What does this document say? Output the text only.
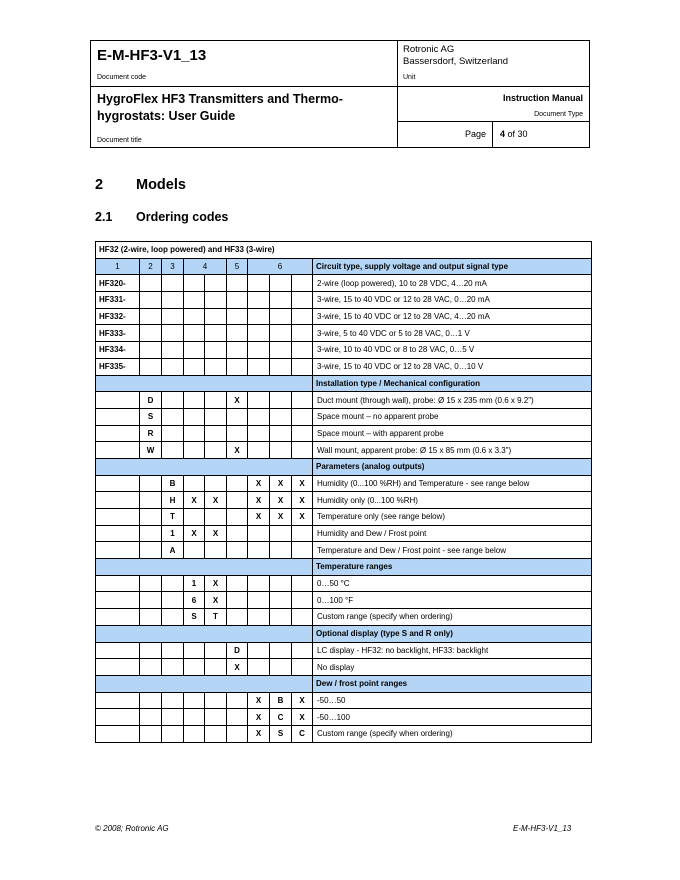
E-M-HF3-V1_13
Document code
Rotronic AG
Bassersdorf, Switzerland
Unit
HygroFlex HF3 Transmitters and Thermo-hygrostats: User Guide
Document title
Instruction Manual
Document Type
Page 4 of 30
2 Models
2.1 Ordering codes
HF32 (2-wire, loop powered) and HF33 (3-wire)									
1	2	3	4		5	6			Circuit type, supply voltage and output signal type
HF320-									2-wire (loop powered), 10 to 28 VDC, 4…20 mA
HF331-									3-wire, 15 to 40 VDC or 12 to 28 VAC, 0…20 mA
HF332-									3-wire, 15 to 40 VDC or 12 to 28 VAC, 4…20 mA
HF333-									3-wire, 5 to 40 VDC or 5 to 28 VAC, 0…1 V
HF334-									3-wire, 10 to 40 VDC or 8 to 28 VAC, 0…5 V
HF335-									3-wire, 15 to 40 VDC or 12 to 28 VAC, 0…10 V
									Installation type / Mechanical configuration
	D				X				Duct mount (through wall), probe: Ø 15 x 235 mm (0.6 x 9.2")
	S								Space mount – no apparent probe
	R								Space mount – with apparent probe
	W				X				Wall mount, apparent probe: Ø 15 x 85 mm (0.6 x 3.3")
									Parameters (analog outputs)
		B				X	X	X	Humidity (0...100 %RH) and Temperature - see range below
		H	X	X		X	X	X	Humidity only (0...100 %RH)
		T				X	X	X	Temperature only (see range below)
		1	X	X					Humidity and Dew / Frost point
		A							Temperature and Dew / Frost point - see range below
									Temperature ranges
			1	X					0…50 °C
			6	X					0…100 °F
			S	T					Custom range (specify when ordering)
									Optional display (type S and R only)
					D				LC display - HF32: no backlight, HF33: backlight
					X				No display
									Dew / frost point ranges
						X	B	X	-50…50
						X	C	X	-50…100
						X	S	C	Custom range (specify when ordering)
© 2008; Rotronic AG	E-M-HF3-V1_13
